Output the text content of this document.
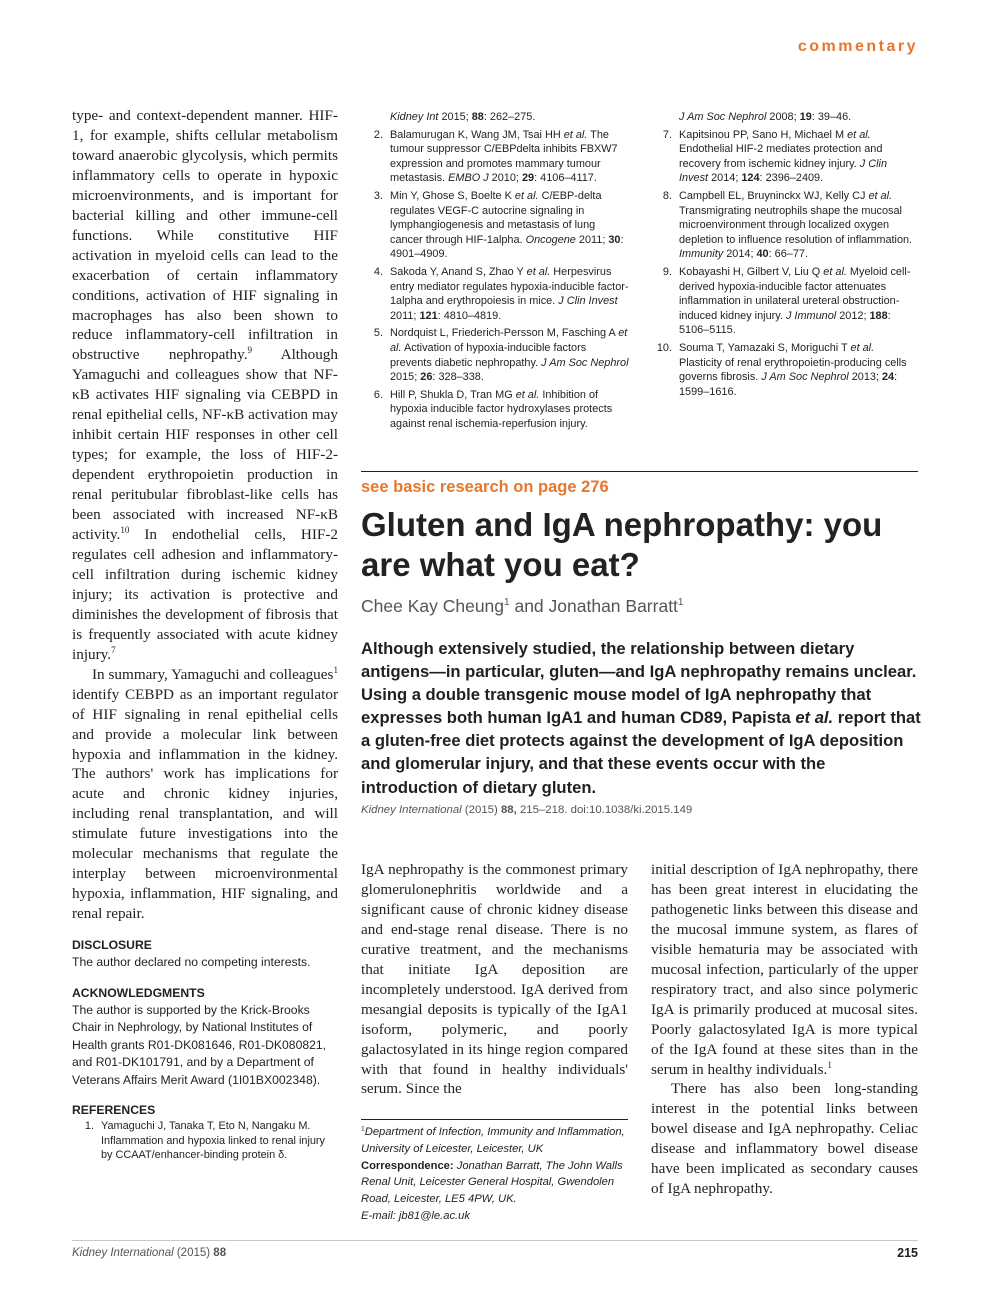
commentary

type- and context-dependent manner. HIF-1, for example, shifts cellular metabolism toward anaerobic glycolysis, which permits inflammatory cells to operate in hypoxic microenvironments, and is important for bacterial killing and other immune-cell functions. While constitutive HIF activation in myeloid cells can lead to the exacerbation of certain inflammatory conditions, activation of HIF signaling in macrophages has also been shown to reduce inflammatory-cell infiltration in obstructive nephropathy.$^9$ Although Yamaguchi and colleagues show that NF-κB activates HIF signaling via CEBPD in renal epithelial cells, NF-κB activation may inhibit certain HIF responses in other cell types; for example, the loss of HIF-2-dependent erythropoietin production in renal peritubular fibroblast-like cells has been associated with increased NF-κB activity.$^{10}$ In endothelial cells, HIF-2 regulates cell adhesion and inflammatory-cell infiltration during ischemic kidney injury; its activation is protective and diminishes the development of fibrosis that is frequently associated with acute kidney injury.$^7$

In summary, Yamaguchi and colleagues$^1$ identify CEBPD as an important regulator of HIF signaling in renal epithelial cells and provide a molecular link between hypoxia and inflammation in the kidney. The authors' work has implications for acute and chronic kidney injuries, including renal transplantation, and will stimulate future investigations into the molecular mechanisms that regulate the interplay between microenvironmental hypoxia, inflammation, HIF signaling, and renal repair.

DISCLOSURE

The author declared no competing interests.

ACKNOWLEDGMENTS

The author is supported by the Krick-Brooks Chair in Nephrology, by National Institutes of Health grants R01-DK081646, R01-DK080821, and R01-DK101791, and by a Department of Veterans Affairs Merit Award (1I01BX002348).

REFERENCES
1. Yamaguchi J, Tanaka T, Eto N, Nangaku M. Inflammation and hypoxia linked to renal injury by CCAAT/enhancer-binding protein δ.
Kidney Int 2015; 88: 262–275.
2. Balamurugan K, Wang JM, Tsai HH et al. The tumour suppressor C/EBPdelta inhibits FBXW7 expression and promotes mammary tumour metastasis. EMBO J 2010; 29: 4106–4117.
3. Min Y, Ghose S, Boelte K et al. C/EBP-delta regulates VEGF-C autocrine signaling in lymphangiogenesis and metastasis of lung cancer through HIF-1alpha. Oncogene 2011; 30: 4901–4909.
4. Sakoda Y, Anand S, Zhao Y et al. Herpesvirus entry mediator regulates hypoxia-inducible factor-1alpha and erythropoiesis in mice. J Clin Invest 2011; 121: 4810–4819.
5. Nordquist L, Friederich-Persson M, Fasching A et al. Activation of hypoxia-inducible factors prevents diabetic nephropathy. J Am Soc Nephrol 2015; 26: 328–338.
6. Hill P, Shukla D, Tran MG et al. Inhibition of hypoxia inducible factor hydroxylases protects against renal ischemia-reperfusion injury.
J Am Soc Nephrol 2008; 19: 39–46.
7. Kapitsinou PP, Sano H, Michael M et al. Endothelial HIF-2 mediates protection and recovery from ischemic kidney injury. J Clin Invest 2014; 124: 2396–2409.
8. Campbell EL, Bruyninckx WJ, Kelly CJ et al. Transmigrating neutrophils shape the mucosal microenvironment through localized oxygen depletion to influence resolution of inflammation. Immunity 2014; 40: 66–77.
9. Kobayashi H, Gilbert V, Liu Q et al. Myeloid cell-derived hypoxia-inducible factor attenuates inflammation in unilateral ureteral obstruction-induced kidney injury. J Immunol 2012; 188: 5106–5115.
10. Souma T, Yamazaki S, Moriguchi T et al. Plasticity of renal erythropoietin-producing cells governs fibrosis. J Am Soc Nephrol 2013; 24: 1599–1616.
see basic research on page 276
Gluten and IgA nephropathy: you are what you eat?
Chee Kay Cheung$^1$ and Jonathan Barratt$^1$

Although extensively studied, the relationship between dietary antigens—in particular, gluten—and IgA nephropathy remains unclear. Using a double transgenic mouse model of IgA nephropathy that expresses both human IgA1 and human CD89, Papista et al. report that a gluten-free diet protects against the development of IgA deposition and glomerular injury, and that these events occur with the introduction of dietary gluten.

Kidney International (2015) 88, 215–218. doi:10.1038/ki.2015.149

IgA nephropathy is the commonest primary glomerulonephritis worldwide and a significant cause of chronic kidney disease and end-stage renal disease. There is no curative treatment, and the mechanisms that initiate IgA deposition are incompletely understood. IgA derived from mesangial deposits is typically of the IgA1 isoform, polymeric, and poorly galactosylated in its hinge region compared with that found in healthy individuals' serum. Since the

initial description of IgA nephropathy, there has been great interest in elucidating the pathogenetic links between this disease and the mucosal immune system, as flares of visible hematuria may be associated with mucosal infection, particularly of the upper respiratory tract, and also since polymeric IgA is primarily produced at mucosal sites. Poorly galactosylated IgA is more typical of the IgA found at these sites than in the serum in healthy individuals.$^1$

There has also been long-standing interest in the potential links between bowel disease and IgA nephropathy. Celiac disease and inflammatory bowel disease have been implicated as secondary causes of IgA nephropathy.

$^1$Department of Infection, Immunity and Inflammation, University of Leicester, Leicester, UK
Correspondence: Jonathan Barratt, The John Walls Renal Unit, Leicester General Hospital, Gwendolen Road, Leicester, LE5 4PW, UK.
E-mail: jb81@le.ac.uk

Kidney International (2015) 88	215
